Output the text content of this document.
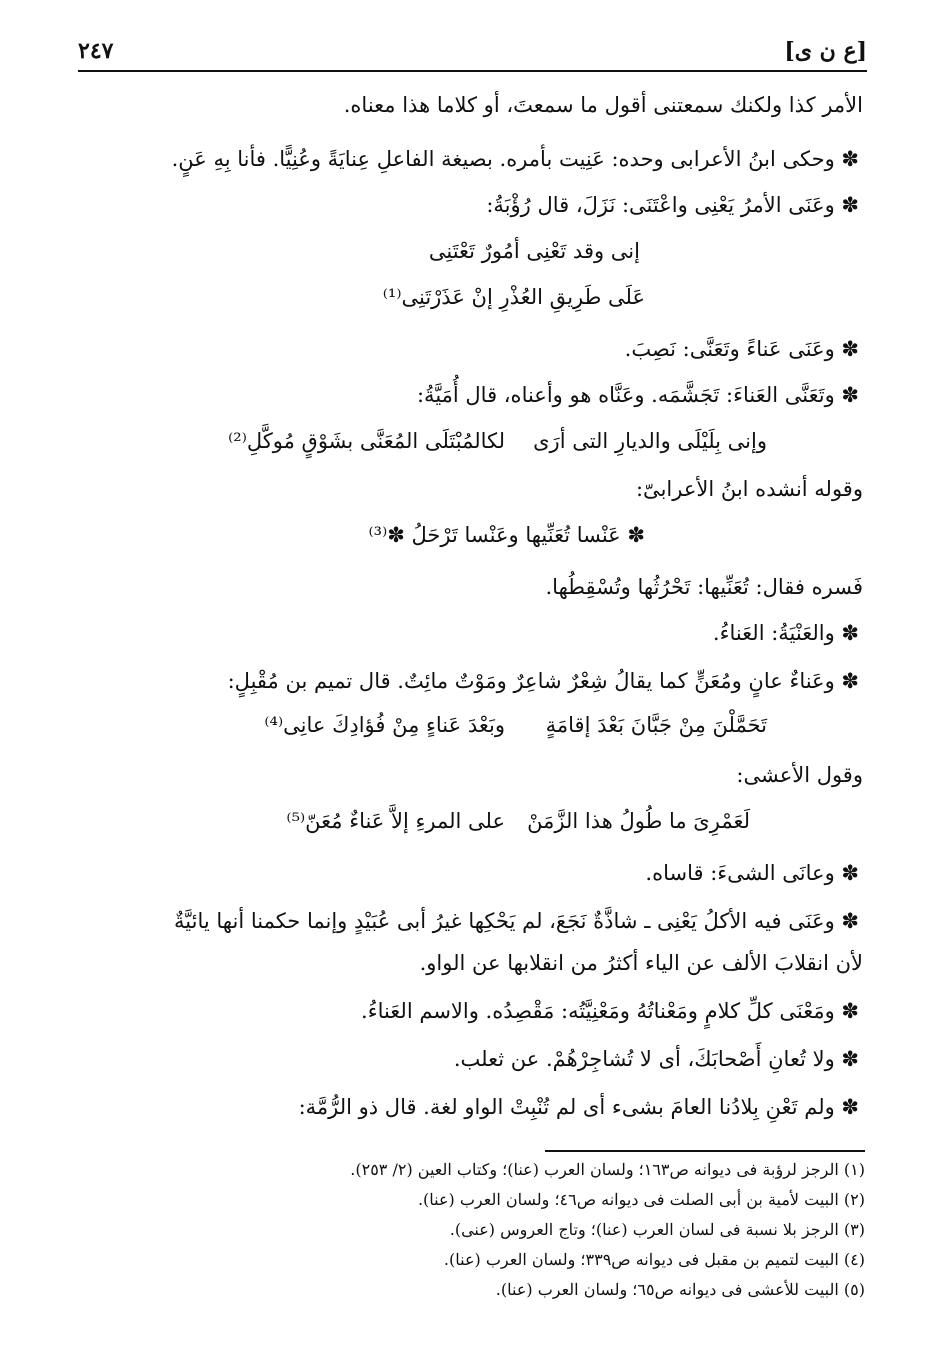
[ع ن ى]
٢٤٧
الأمر كذا ولكنك سمعتنى أقول ما سمعتَ، أو كلاما هذا معناه.
✽ وحكى ابنُ الأعرابى وحده: عَنِيت بأمره. بصيغة الفاعلِ عِنايَةً وعُنِيًّا. فأنا بِهِ عَنٍ.
✽ وعَنَى الأمرُ يَعْنِى واعْتَنَى: نَزَلَ، قال رُؤْبَةُ:
إنى وقد تَعْنِى أمُورٌ تَعْتَنِى
عَلَى طَرِيقِ العُذْرِ إنْ عَذَرْتَنِى⁽¹⁾
✽ وعَنَى عَناءً وتَعَنَّى: نَصِبَ.
✽ وتَعَنَّى العَناءَ: تَجَشَّمَه. وعَنَّاه هو وأعناه، قال أُمَيَّةُ:
وإنى بِلَيْلَى والديارِ التى أرَى
لكالمُبْتَلَى المُعَنَّى بشَوْقٍ مُوكَّلِ⁽²⁾
وقوله أنشده ابنُ الأعرابىّ:
✽ عَنْسا تُعَنِّيها وعَنْسا تَرْحَلُ ✽⁽³⁾
فَسره فقال: تُعَنِّيها: تَحْرُثُها وتُسْقِطُها.
✽ والعَنْيَةُ: العَناءُ.
✽ وعَناءٌ عانٍ ومُعَنٍّ كما يقالُ شِعْرٌ شاعِرٌ ومَوْتٌ مائِتٌ. قال تميم بن مُقْبِلٍ:
تَحَمَّلْنَ مِنْ جَبَّانَ بَعْدَ إقامَةٍ
وبَعْدَ عَناءٍ مِنْ فُؤادِكَ عانِى⁽⁴⁾
وقول الأعشى:
لَعَمْرِىَ ما طُولُ هذا الزَّمَنْ
على المرءِ إلاَّ عَناءٌ مُعَنّ⁽⁵⁾
✽ وعانَى الشىءَ: قاساه.
✽ وعَنَى فيه الأكلُ يَعْنِى ـ شاذَّةٌ نَجَعَ، لم يَحْكِها غيرُ أبى عُبَيْدٍ وإنما حكمنا أنها يائيَّةٌ
لأن انقلابَ الألف عن الياء أكثرُ من انقلابها عن الواو.
✽ ومَعْنَى كلِّ كلامٍ ومَعْناتُهُ ومَعْنِيَّتُه: مَقْصِدُه. والاسم العَناءُ.
✽ ولا تُعانِ أَصْحابَكَ، أى لا تُشاجِرْهُمْ. عن ثعلب.
✽ ولم تَعْنِ بِلادُنا العامَ بشىء أى لم تُنْبِتْ الواو لغة. قال ذو الرُّمَّة:
(١) الرجز لرؤبة فى ديوانه ص١٦٣؛ ولسان العرب (عنا)؛ وكتاب العين (٢/ ٢٥٣).
(٢) البيت لأمية بن أبى الصلت فى ديوانه ص٤٦؛ ولسان العرب (عنا).
(٣) الرجز بلا نسبة فى لسان العرب (عنا)؛ وتاج العروس (عنى).
(٤) البيت لتميم بن مقبل فى ديوانه ص٣٣٩؛ ولسان العرب (عنا).
(٥) البيت للأعشى فى ديوانه ص٦٥؛ ولسان العرب (عنا).
